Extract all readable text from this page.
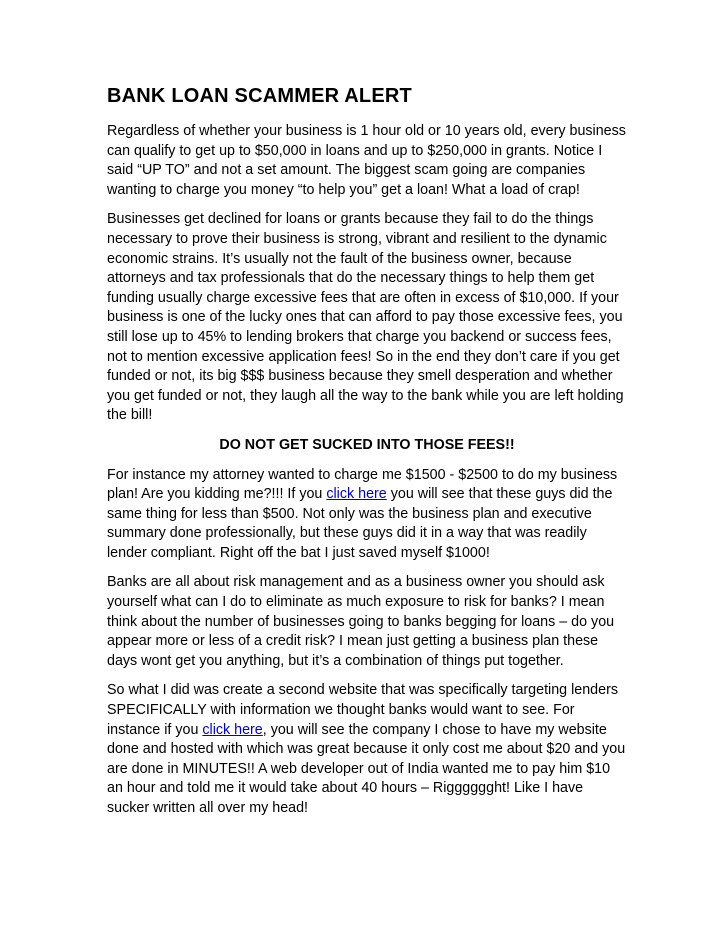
BANK LOAN SCAMMER ALERT

Regardless of whether your business is 1 hour old or 10 years old, every business can qualify to get up to $50,000 in loans and up to $250,000 in grants. Notice I said “UP TO” and not a set amount. The biggest scam going are companies wanting to charge you money “to help you” get a loan! What a load of crap!

Businesses get declined for loans or grants because they fail to do the things necessary to prove their business is strong, vibrant and resilient to the dynamic economic strains. It’s usually not the fault of the business owner, because attorneys and tax professionals that do the necessary things to help them get funding usually charge excessive fees that are often in excess of $10,000. If your business is one of the lucky ones that can afford to pay those excessive fees, you still lose up to 45% to lending brokers that charge you backend or success fees, not to mention excessive application fees! So in the end they don’t care if you get funded or not, its big $$$ business because they smell desperation and whether you get funded or not, they laugh all the way to the bank while you are left holding the bill!

DO NOT GET SUCKED INTO THOSE FEES!!

For instance my attorney wanted to charge me $1500 - $2500 to do my business plan! Are you kidding me?!!! If you click here you will see that these guys did the same thing for less than $500. Not only was the business plan and executive summary done professionally, but these guys did it in a way that was readily lender compliant. Right off the bat I just saved myself $1000!

Banks are all about risk management and as a business owner you should ask yourself what can I do to eliminate as much exposure to risk for banks? I mean think about the number of businesses going to banks begging for loans – do you appear more or less of a credit risk? I mean just getting a business plan these days wont get you anything, but it’s a combination of things put together.

So what I did was create a second website that was specifically targeting lenders SPECIFICALLY with information we thought banks would want to see. For instance if you click here, you will see the company I chose to have my website done and hosted with which was great because it only cost me about $20 and you are done in MINUTES!! A web developer out of India wanted me to pay him $10 an hour and told me it would take about 40 hours – Rigggggght! Like I have sucker written all over my head!
